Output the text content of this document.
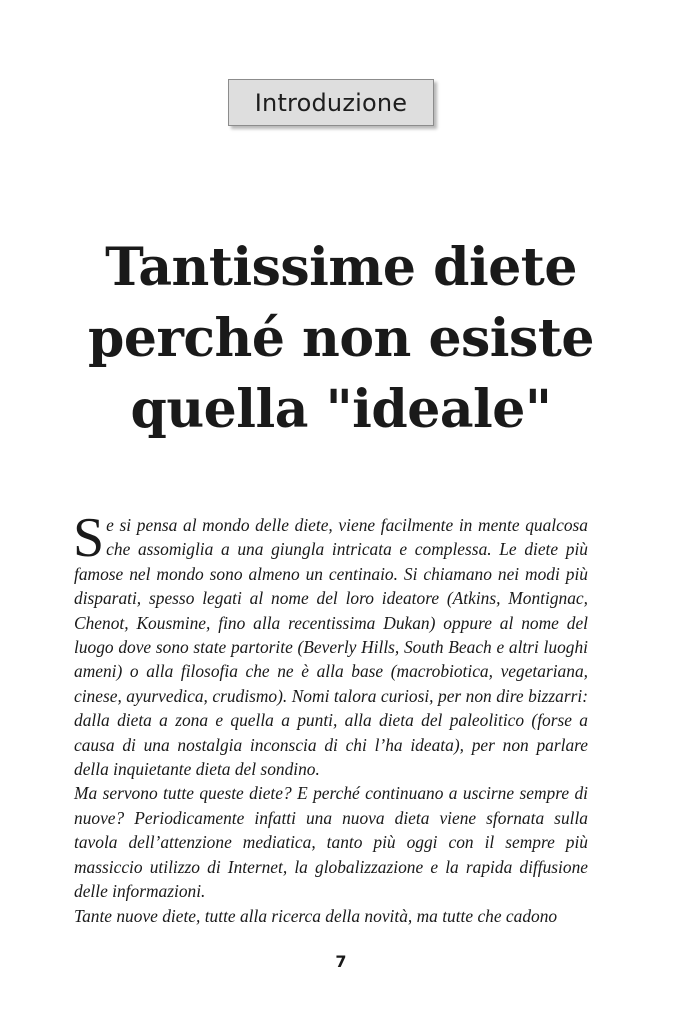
Introduzione
Tantissime diete
perché non esiste
quella "ideale"

Se si pensa al mondo delle diete, viene facilmente in mente qualcosa che assomiglia a una giungla intricata e complessa. Le diete più famose nel mondo sono almeno un centinaio. Si chiamano nei modi più disparati, spesso legati al nome del loro ideatore (Atkins, Montignac, Chenot, Kousmine, fino alla recentissima Dukan) oppure al nome del luogo dove sono state partorite (Beverly Hills, South Beach e altri luoghi ameni) o alla filosofia che ne è alla base (macrobiotica, vegetariana, cinese, ayurvedica, crudismo). Nomi talora curiosi, per non dire bizzarri: dalla dieta a zona e quella a punti, alla dieta del paleolitico (forse a causa di una nostalgia inconscia di chi l’ha ideata), per non parlare della inquietante dieta del sondino.

Ma servono tutte queste diete? E perché continuano a uscirne sempre di nuove? Periodicamente infatti una nuova dieta viene sfornata sulla tavola dell’attenzione mediatica, tanto più oggi con il sempre più massiccio utilizzo di Internet, la globalizzazione e la rapida diffusione delle informazioni.

Tante nuove diete, tutte alla ricerca della novità, ma tutte che cadono

7
